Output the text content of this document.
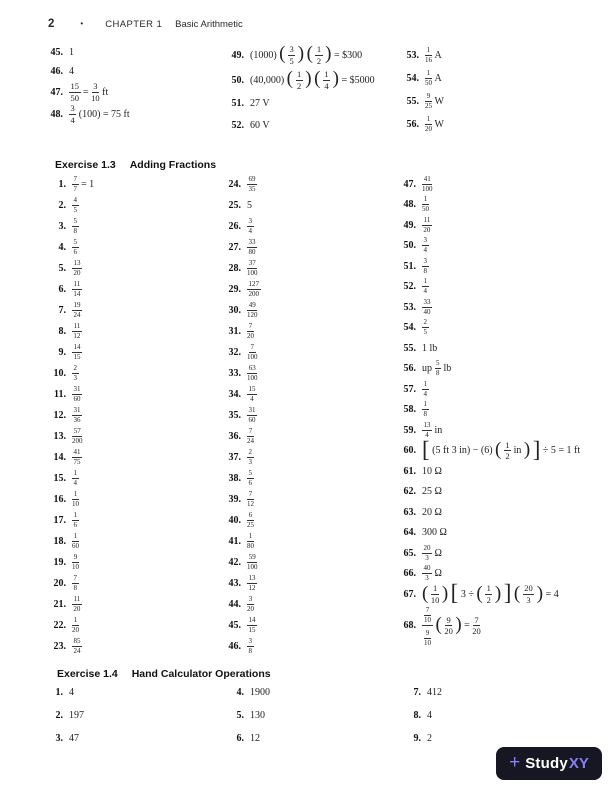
2	• CHAPTER 1 Basic Arithmetic
45. 1
46. 4
47. $\frac{15}{50} = \frac{3}{10}$ ft
48. $\frac{3}{4} (100) = 75$ ft
49. (1000) ( $\frac{3}{5}$ ) ( $\frac{1}{2}$ ) = $300
50. (40,000) ( $\frac{1}{2}$ ) ( $\frac{1}{4}$ ) = $5000
51. 27 V
52. 60 V
53. $\frac{1}{16}$ A
54. $\frac{1}{50}$ A
55. $\frac{9}{25}$ W
56. $\frac{1}{20}$ W
Exercise 1.3 Adding Fractions
1. $\frac{7}{7} = 1$
2. $\frac{4}{5}$
3. $\frac{5}{8}$
4. $\frac{5}{6}$
5. $\frac{13}{20}$
6. $\frac{11}{14}$
7. $\frac{19}{24}$
8. $\frac{11}{12}$
9. $\frac{14}{15}$
10. $\frac{2}{3}$
11. $\frac{31}{60}$
12. $\frac{31}{36}$
13. $\frac{57}{200}$
14. $\frac{41}{75}$
15. $\frac{1}{4}$
16. $\frac{1}{10}$
17. $\frac{1}{6}$
18. $\frac{1}{60}$
19. $\frac{9}{10}$
20. $\frac{7}{8}$
21. $\frac{11}{20}$
22. $\frac{1}{20}$
23. $\frac{85}{24}$
24. $\frac{69}{35}$
25. 5
26. $\frac{3}{4}$
27. $\frac{33}{80}$
28. $\frac{37}{100}$
29. $\frac{127}{200}$
30. $\frac{49}{120}$
31. $\frac{7}{20}$
32. $\frac{7}{100}$
33. $\frac{63}{100}$
34. $\frac{15}{4}$
35. $\frac{31}{60}$
36. $\frac{7}{24}$
37. $\frac{2}{3}$
38. $\frac{5}{6}$
39. $\frac{7}{12}$
40. $\frac{6}{25}$
41. $\frac{1}{80}$
42. $\frac{59}{100}$
43. $\frac{13}{12}$
44. $\frac{3}{20}$
45. $\frac{14}{15}$
46. $\frac{3}{8}$
47. $\frac{41}{100}$
48. $\frac{1}{50}$
49. $\frac{11}{20}$
50. $\frac{3}{4}$
51. $\frac{3}{8}$
52. $\frac{1}{4}$
53. $\frac{33}{40}$
54. $\frac{2}{5}$
55. 1 lb
56. up $\frac{5}{8}$ lb
57. $\frac{1}{4}$
58. $\frac{1}{8}$
59. $\frac{13}{4}$ in
60. [ (5 ft 3 in) − (6) ( $\frac{1}{2}$ in ) ] ÷ 5 = 1 ft
61. 10 Ω
62. 25 Ω
63. 20 Ω
64. 300 Ω
65. $\frac{20}{3}$ Ω
66. $\frac{40}{3}$ Ω
67. ( $\frac{1}{10}$ ) [ 3 ÷ ( $\frac{1}{2}$ ) ] ( $\frac{20}{3}$ ) = 4
68. $\frac{\frac{7}{10}}{\frac{9}{10}}$ ( $\frac{9}{20}$ ) = $\frac{7}{20}$
Exercise 1.4 Hand Calculator Operations
1. 4
2. 197
3. 47
4. 1900
5. 130
6. 12
7. 412
8. 4
9. 2
+ Study XY
